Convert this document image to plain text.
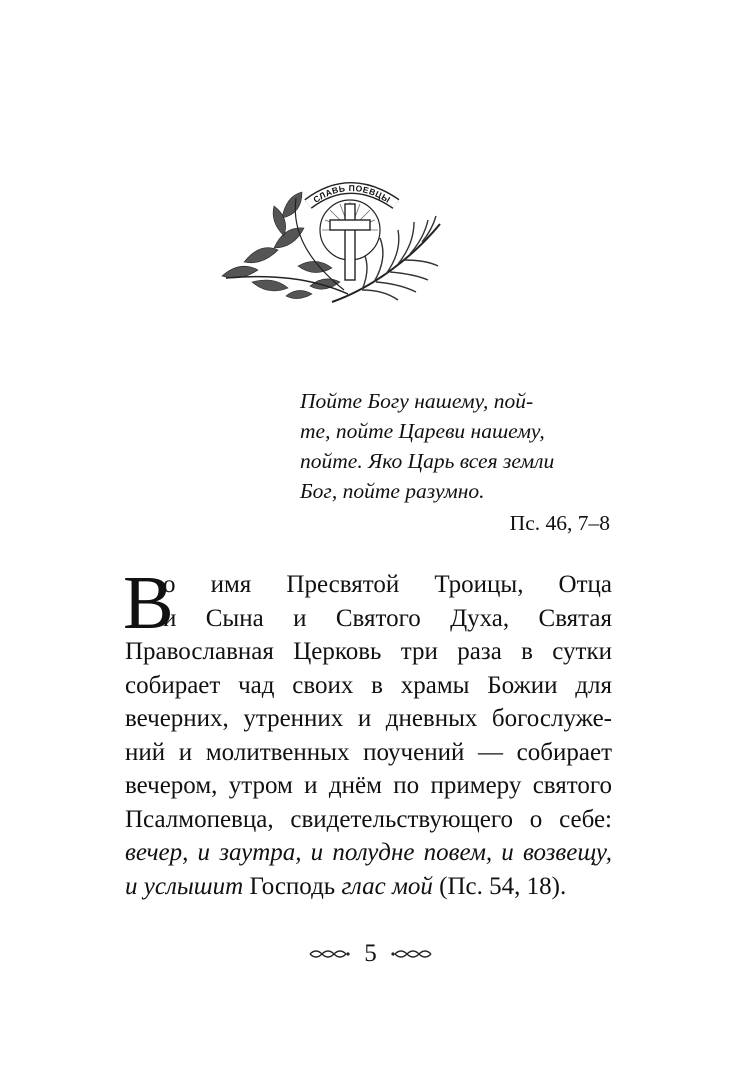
СЛАВЬ ПОЕВЦЫ
Пойте Богу нашему, пой-
те, пойте Цареви нашему,
пойте. Яко Царь всея земли
Бог, пойте разумно.
Пс. 46, 7–8
В
о имя Пресвятой Троицы, Отца
и Сына и Святого Духа, Святая
Православная Церковь три раза в сутки
собирает чад своих в храмы Божии для
вечерних, утренних и дневных богослуже-
ний и молитвенных поучений — собирает
вечером, утром и днём по примеру святого
Псалмопевца, свидетельствующего о себе:
вечер, и заутра, и полудне повем, и возвещу,
и услышит Господь глас мой (Пс. 54, 18).
5
